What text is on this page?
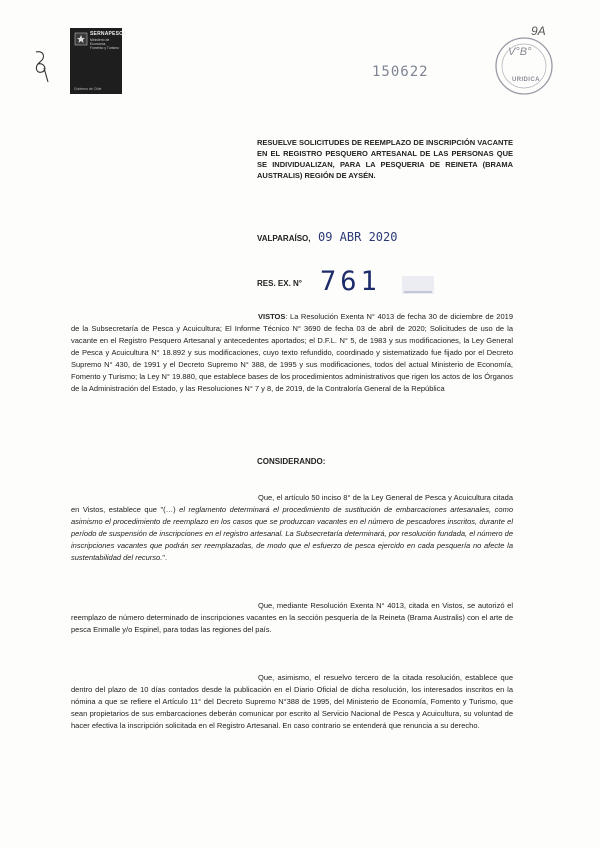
SERNAPESCA
Ministerio de Economía, Fomento y Turismo
Gobierno de Chile
150622
V°B°
URIDICA
9A
RESUELVE SOLICITUDES DE REEMPLAZO DE INSCRIPCIÓN VACANTE EN EL REGISTRO PESQUERO ARTESANAL DE LAS PERSONAS QUE SE INDIVIDUALIZAN, PARA LA PESQUERIA DE REINETA (BRAMA AUSTRALIS) REGIÓN DE AYSÉN.
VALPARAÍSO, 09 ABR 2020
RES. EX. N° 761

VISTOS: La Resolución Exenta N° 4013 de fecha 30 de diciembre de 2019 de la Subsecretaría de Pesca y Acuicultura; El Informe Técnico N° 3690 de fecha 03 de abril de 2020; Solicitudes de uso de la vacante en el Registro Pesquero Artesanal y antecedentes aportados; el D.F.L. N° 5, de 1983 y sus modificaciones, la Ley General de Pesca y Acuicultura N° 18.892 y sus modificaciones, cuyo texto refundido, coordinado y sistematizado fue fijado por el Decreto Supremo N° 430, de 1991 y el Decreto Supremo N° 388, de 1995 y sus modificaciones, todos del actual Ministerio de Economía, Fomento y Turismo; la Ley N° 19.880, que establece bases de los procedimientos administrativos que rigen los actos de los Órganos de la Administración del Estado, y las Resoluciones N° 7 y 8, de 2019, de la Contraloría General de la República

CONSIDERANDO:

Que, el artículo 50 inciso 8° de la Ley General de Pesca y Acuicultura citada en Vistos, establece que "(…) el reglamento determinará el procedimiento de sustitución de embarcaciones artesanales, como asimismo el procedimiento de reemplazo en los casos que se produzcan vacantes en el número de pescadores inscritos, durante el período de suspensión de inscripciones en el registro artesanal. La Subsecretaría determinará, por resolución fundada, el número de inscripciones vacantes que podrán ser reemplazadas, de modo que el esfuerzo de pesca ejercido en cada pesquería no afecte la sustentabilidad del recurso.".

Que, mediante Resolución Exenta N° 4013, citada en Vistos, se autorizó el reemplazo de número determinado de inscripciones vacantes en la sección pesquería de la Reineta (Brama Australis) con el arte de pesca Enmalle y/o Espinel, para todas las regiones del país.

Que, asimismo, el resuelvo tercero de la citada resolución, establece que dentro del plazo de 10 días contados desde la publicación en el Diario Oficial de dicha resolución, los interesados inscritos en la nómina a que se refiere el Artículo 11° del Decreto Supremo N°388 de 1995, del Ministerio de Economía, Fomento y Turismo, que sean propietarios de sus embarcaciones deberán comunicar por escrito al Servicio Nacional de Pesca y Acuicultura, su voluntad de hacer efectiva la inscripción solicitada en el Registro Artesanal. En caso contrario se entenderá que renuncia a su derecho.
